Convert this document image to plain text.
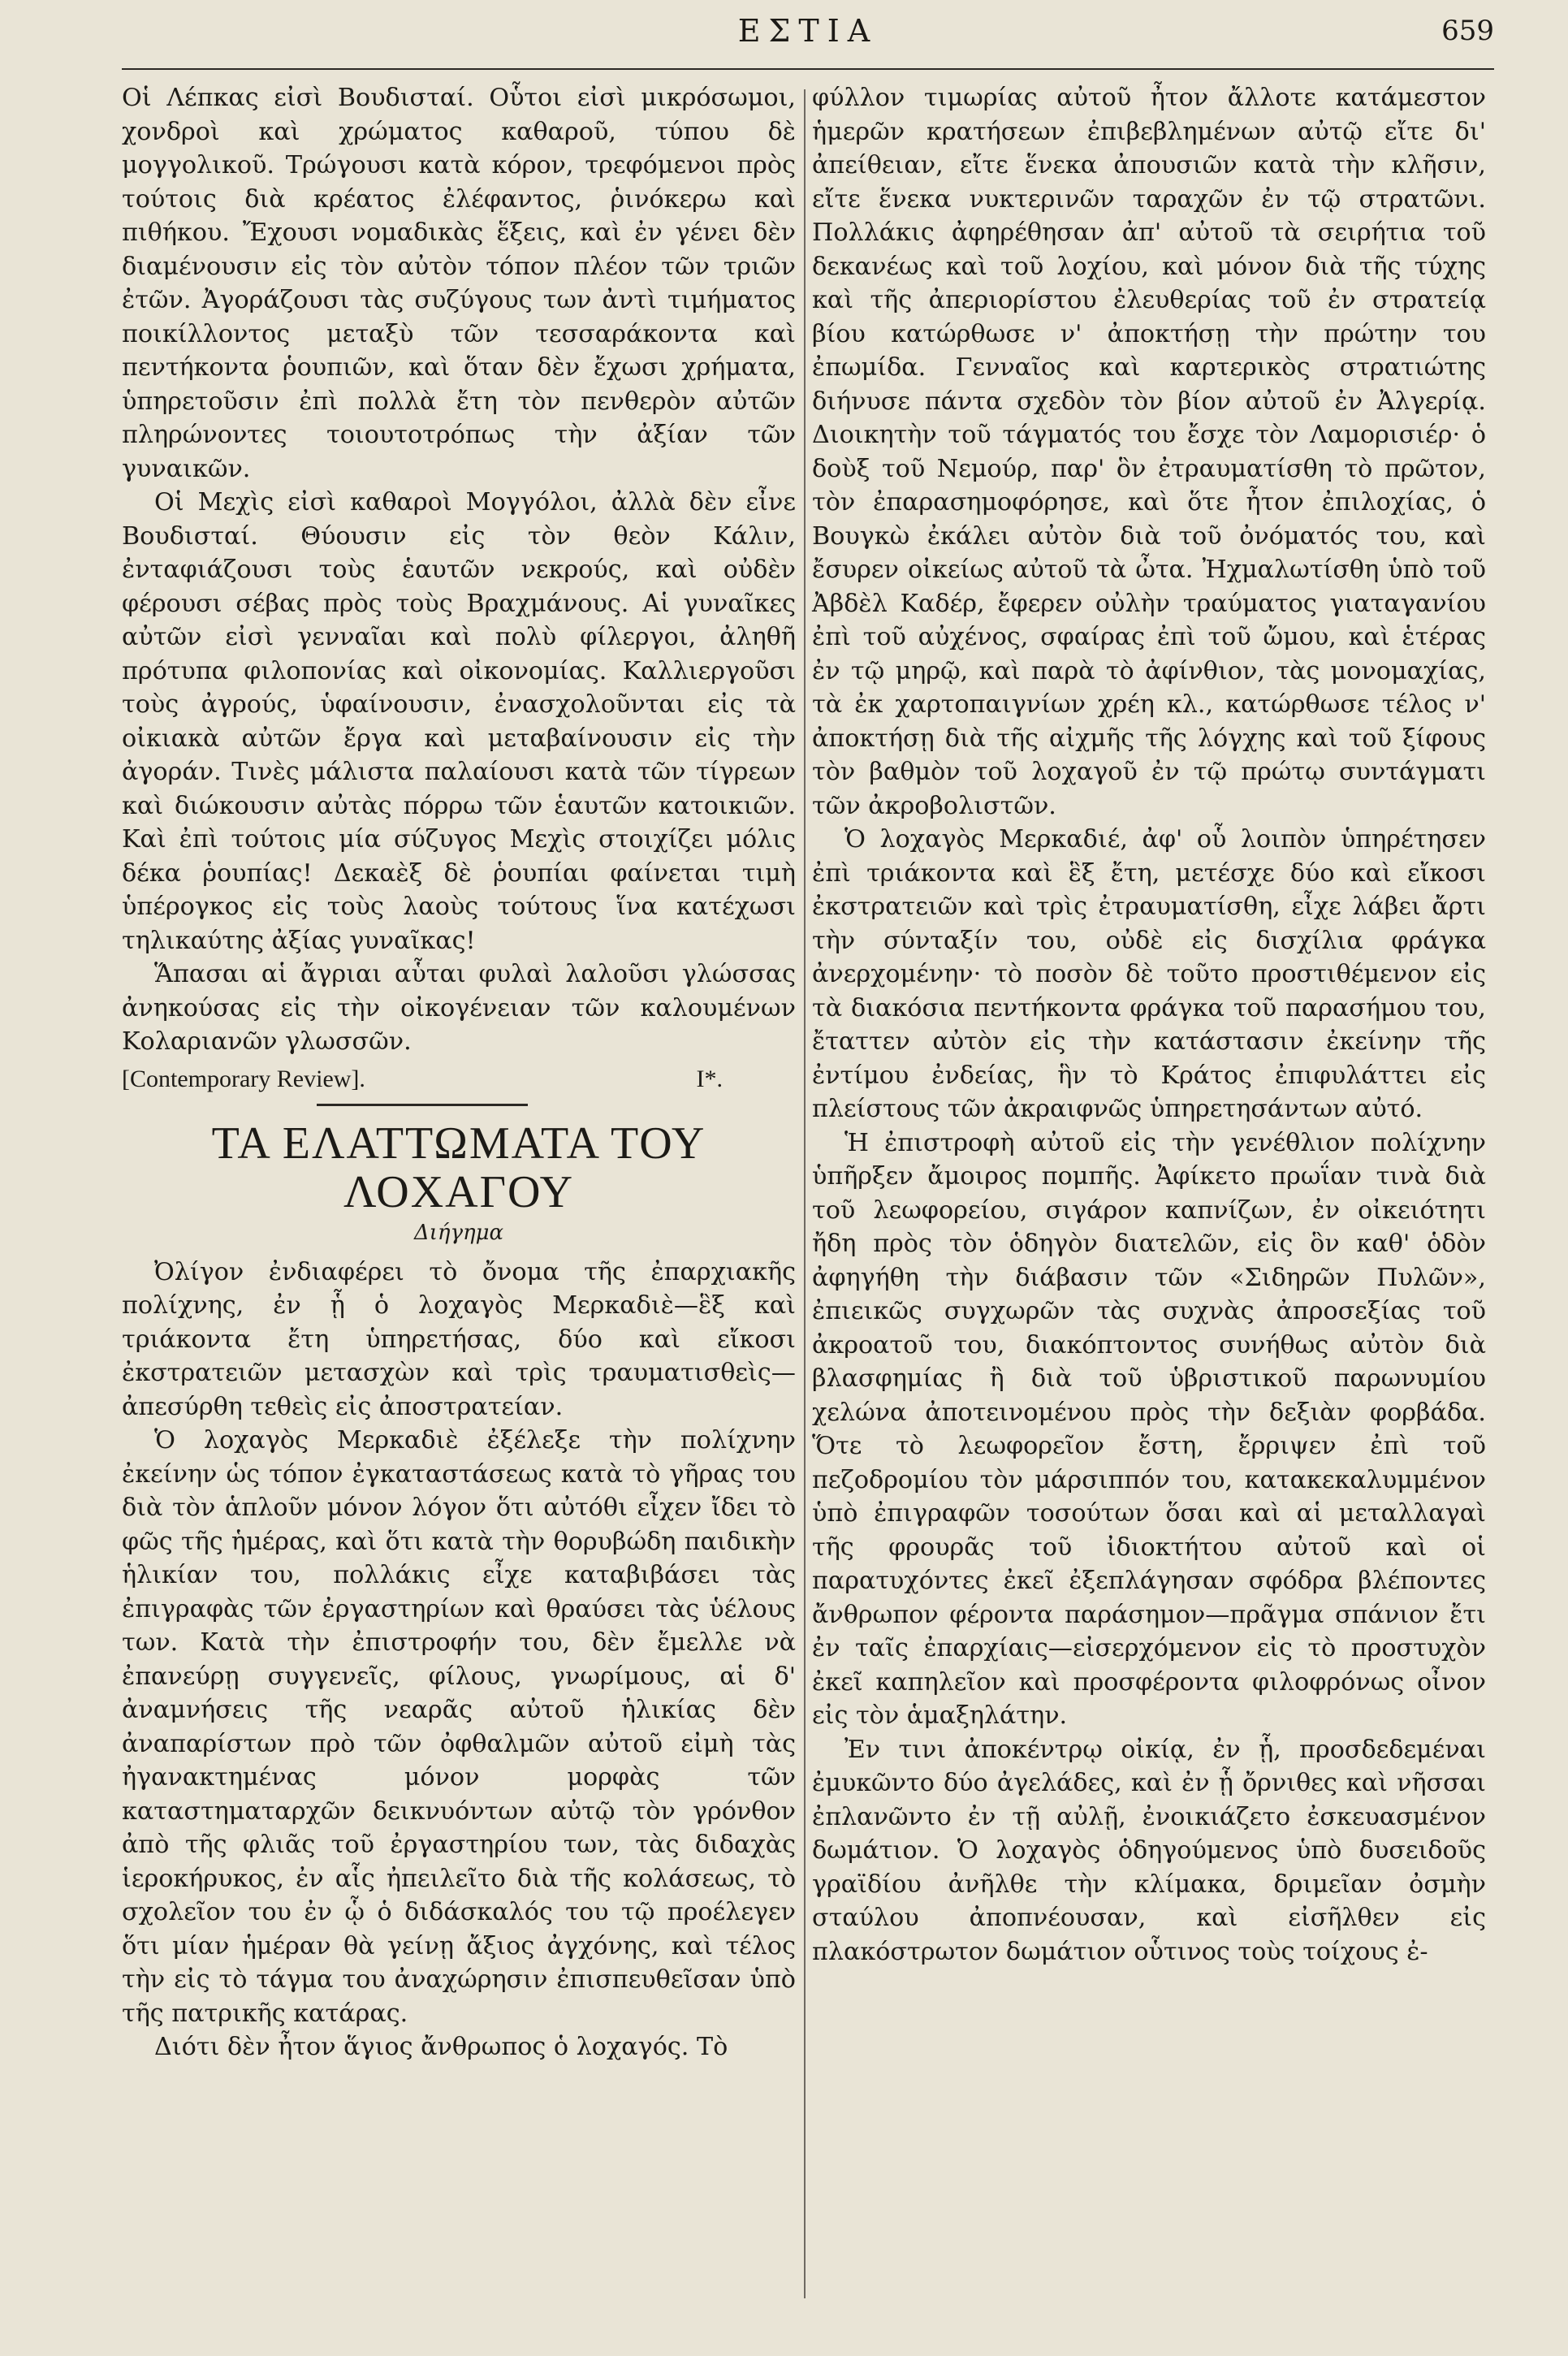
ΕΣΤΙΑ	659

Οἱ Λέπκας εἰσὶ Βουδισταί. Οὗτοι εἰσὶ μικρόσωμοι, χονδροὶ καὶ χρώματος καθαροῦ, τύπου δὲ μογγολικοῦ. Τρώγουσι κατὰ κόρον, τρεφόμενοι πρὸς τούτοις διὰ κρέατος ἐλέφαντος, ῥινόκερω καὶ πιθήκου. Ἔχουσι νομαδικὰς ἕξεις, καὶ ἐν γένει δὲν διαμένουσιν εἰς τὸν αὐτὸν τόπον πλέον τῶν τριῶν ἐτῶν. Ἀγοράζουσι τὰς συζύγους των ἀντὶ τιμήματος ποικίλλοντος μεταξὺ τῶν τεσσαράκοντα καὶ πεντήκοντα ῥουπιῶν, καὶ ὅταν δὲν ἔχωσι χρήματα, ὑπηρετοῦσιν ἐπὶ πολλὰ ἔτη τὸν πενθερὸν αὐτῶν πληρώνοντες τοιουτοτρόπως τὴν ἀξίαν τῶν γυναικῶν.

Οἱ Μεχὶς εἰσὶ καθαροὶ Μογγόλοι, ἀλλὰ δὲν εἶνε Βουδισταί. Θύουσιν εἰς τὸν θεὸν Κάλιν, ἐνταφιάζουσι τοὺς ἑαυτῶν νεκρούς, καὶ οὐδὲν φέρουσι σέβας πρὸς τοὺς Βραχμάνους. Αἱ γυναῖκες αὐτῶν εἰσὶ γενναῖαι καὶ πολὺ φίλεργοι, ἀληθῆ πρότυπα φιλοπονίας καὶ οἰκονομίας. Καλλιεργοῦσι τοὺς ἀγρούς, ὑφαίνουσιν, ἐνασχολοῦνται εἰς τὰ οἰκιακὰ αὐτῶν ἔργα καὶ μεταβαίνουσιν εἰς τὴν ἀγοράν. Τινὲς μάλιστα παλαίουσι κατὰ τῶν τίγρεων καὶ διώκουσιν αὐτὰς πόρρω τῶν ἑαυτῶν κατοικιῶν. Καὶ ἐπὶ τούτοις μία σύζυγος Μεχὶς στοιχίζει μόλις δέκα ῥουπίας! Δεκαὲξ δὲ ῥουπίαι φαίνεται τιμὴ ὑπέρογκος εἰς τοὺς λαοὺς τούτους ἵνα κατέχωσι τηλικαύτης ἀξίας γυναῖκας!

Ἅπασαι αἱ ἄγριαι αὗται φυλαὶ λαλοῦσι γλώσσας ἀνηκούσας εἰς τὴν οἰκογένειαν τῶν καλουμένων Κολαριανῶν γλωσσῶν.

[Contemporary Review].	Ι*.
ΤΑ ΕΛΑΤΤΩΜΑΤΑ ΤΟΥ ΛΟΧΑΓΟΥ
Διήγημα

Ὀλίγον ἐνδιαφέρει τὸ ὄνομα τῆς ἐπαρχιακῆς πολίχνης, ἐν ᾗ ὁ λοχαγὸς Μερκαδιὲ—ἓξ καὶ τριάκοντα ἔτη ὑπηρετήσας, δύο καὶ εἴκοσι ἐκστρατειῶν μετασχὼν καὶ τρὶς τραυματισθεὶς— ἀπεσύρθη τεθεὶς εἰς ἀποστρατείαν.

Ὁ λοχαγὸς Μερκαδιὲ ἐξέλεξε τὴν πολίχνην ἐκείνην ὡς τόπον ἐγκαταστάσεως κατὰ τὸ γῆρας του διὰ τὸν ἁπλοῦν μόνον λόγον ὅτι αὐτόθι εἶχεν ἴδει τὸ φῶς τῆς ἡμέρας, καὶ ὅτι κατὰ τὴν θορυβώδη παιδικὴν ἡλικίαν του, πολλάκις εἶχε καταβιβάσει τὰς ἐπιγραφὰς τῶν ἐργαστηρίων καὶ θραύσει τὰς ὑέλους των. Κατὰ τὴν ἐπιστροφήν του, δὲν ἔμελλε νὰ ἐπανεύρῃ συγγενεῖς, φίλους, γνωρίμους, αἱ δ' ἀναμνήσεις τῆς νεαρᾶς αὐτοῦ ἡλικίας δὲν ἀναπαρίστων πρὸ τῶν ὀφθαλμῶν αὐτοῦ εἰμὴ τὰς ἠγανακτημένας μόνον μορφὰς τῶν καταστηματαρχῶν δεικνυόντων αὐτῷ τὸν γρόνθον ἀπὸ τῆς φλιᾶς τοῦ ἐργαστηρίου των, τὰς διδαχὰς ἱεροκήρυκος, ἐν αἷς ἠπειλεῖτο διὰ τῆς κολάσεως, τὸ σχολεῖον του ἐν ᾧ ὁ διδάσκαλός του τῷ προέλεγεν ὅτι μίαν ἡμέραν θὰ γείνῃ ἄξιος ἀγχόνης, καὶ τέλος τὴν εἰς τὸ τάγμα του ἀναχώρησιν ἐπισπευθεῖσαν ὑπὸ τῆς πατρικῆς κατάρας.

Διότι δὲν ἦτον ἅγιος ἄνθρωπος ὁ λοχαγός. Τὸ

φύλλον τιμωρίας αὐτοῦ ἦτον ἄλλοτε κατάμεστον ἡμερῶν κρατήσεων ἐπιβεβλημένων αὐτῷ εἴτε δι' ἀπείθειαν, εἴτε ἕνεκα ἀπουσιῶν κατὰ τὴν κλῆσιν, εἴτε ἕνεκα νυκτερινῶν ταραχῶν ἐν τῷ στρατῶνι. Πολλάκις ἀφηρέθησαν ἀπ' αὐτοῦ τὰ σειρήτια τοῦ δεκανέως καὶ τοῦ λοχίου, καὶ μόνον διὰ τῆς τύχης καὶ τῆς ἀπεριορίστου ἐλευθερίας τοῦ ἐν στρατείᾳ βίου κατώρθωσε ν' ἀποκτήσῃ τὴν πρώτην του ἐπωμίδα. Γενναῖος καὶ καρτερικὸς στρατιώτης διήνυσε πάντα σχεδὸν τὸν βίον αὐτοῦ ἐν Ἀλγερίᾳ. Διοικητὴν τοῦ τάγματός του ἔσχε τὸν Λαμορισιέρ· ὁ δοὺξ τοῦ Νεμούρ, παρ' ὃν ἐτραυματίσθη τὸ πρῶτον, τὸν ἐπαρασημοφόρησε, καὶ ὅτε ἦτον ἐπιλοχίας, ὁ Βουγκὼ ἐκάλει αὐτὸν διὰ τοῦ ὀνόματός του, καὶ ἔσυρεν οἰκείως αὐτοῦ τὰ ὦτα. Ἠχμαλωτίσθη ὑπὸ τοῦ Ἀβδὲλ Καδέρ, ἔφερεν οὐλὴν τραύματος γιαταγανίου ἐπὶ τοῦ αὐχένος, σφαίρας ἐπὶ τοῦ ὤμου, καὶ ἑτέρας ἐν τῷ μηρῷ, καὶ παρὰ τὸ ἀφίνθιον, τὰς μονομαχίας, τὰ ἐκ χαρτοπαιγνίων χρέη κλ., κατώρθωσε τέλος ν' ἀποκτήσῃ διὰ τῆς αἰχμῆς τῆς λόγχης καὶ τοῦ ξίφους τὸν βαθμὸν τοῦ λοχαγοῦ ἐν τῷ πρώτῳ συντάγματι τῶν ἀκροβολιστῶν.

Ὁ λοχαγὸς Μερκαδιέ, ἀφ' οὗ λοιπὸν ὑπηρέτησεν ἐπὶ τριάκοντα καὶ ἓξ ἔτη, μετέσχε δύο καὶ εἴκοσι ἐκστρατειῶν καὶ τρὶς ἐτραυματίσθη, εἶχε λάβει ἄρτι τὴν σύνταξίν του, οὐδὲ εἰς δισχίλια φράγκα ἀνερχομένην· τὸ ποσὸν δὲ τοῦτο προστιθέμενον εἰς τὰ διακόσια πεντήκοντα φράγκα τοῦ παρασήμου του, ἔταττεν αὐτὸν εἰς τὴν κατάστασιν ἐκείνην τῆς ἐντίμου ἐνδείας, ἣν τὸ Κράτος ἐπιφυλάττει εἰς πλείστους τῶν ἀκραιφνῶς ὑπηρετησάντων αὐτό.

Ἡ ἐπιστροφὴ αὐτοῦ εἰς τὴν γενέθλιον πολίχνην ὑπῆρξεν ἄμοιρος πομπῆς. Ἀφίκετο πρωΐαν τινὰ διὰ τοῦ λεωφορείου, σιγάρον καπνίζων, ἐν οἰκειότητι ἤδη πρὸς τὸν ὁδηγὸν διατελῶν, εἰς ὃν καθ' ὁδὸν ἀφηγήθη τὴν διάβασιν τῶν «Σιδηρῶν Πυλῶν», ἐπιεικῶς συγχωρῶν τὰς συχνὰς ἀπροσεξίας τοῦ ἀκροατοῦ του, διακόπτοντος συνήθως αὐτὸν διὰ βλασφημίας ἢ διὰ τοῦ ὑβριστικοῦ παρωνυμίου χελώνα ἀποτεινομένου πρὸς τὴν δεξιὰν φορβάδα. Ὅτε τὸ λεωφορεῖον ἔστη, ἔρριψεν ἐπὶ τοῦ πεζοδρομίου τὸν μάρσιππόν του, κατακεκαλυμμένον ὑπὸ ἐπιγραφῶν τοσούτων ὅσαι καὶ αἱ μεταλλαγαὶ τῆς φρουρᾶς τοῦ ἰδιοκτήτου αὐτοῦ καὶ οἱ παρατυχόντες ἐκεῖ ἐξεπλάγησαν σφόδρα βλέποντες ἄνθρωπον φέροντα παράσημον—πρᾶγμα σπάνιον ἔτι ἐν ταῖς ἐπαρχίαις—εἰσερχόμενον εἰς τὸ προστυχὸν ἐκεῖ καπηλεῖον καὶ προσφέροντα φιλοφρόνως οἶνον εἰς τὸν ἁμαξηλάτην.

Ἐν τινι ἀποκέντρῳ οἰκίᾳ, ἐν ᾗ, προσδεδεμέναι ἐμυκῶντο δύο ἀγελάδες, καὶ ἐν ᾗ ὄρνιθες καὶ νῆσσαι ἐπλανῶντο ἐν τῇ αὐλῇ, ἐνοικιάζετο ἐσκευασμένον δωμάτιον. Ὁ λοχαγὸς ὁδηγούμενος ὑπὸ δυσειδοῦς γραϊδίου ἀνῆλθε τὴν κλίμακα, δριμεῖαν ὀσμὴν σταύλου ἀποπνέουσαν, καὶ εἰσῆλθεν εἰς πλακόστρωτον δωμάτιον οὗτινος τοὺς τοίχους ἐ-
